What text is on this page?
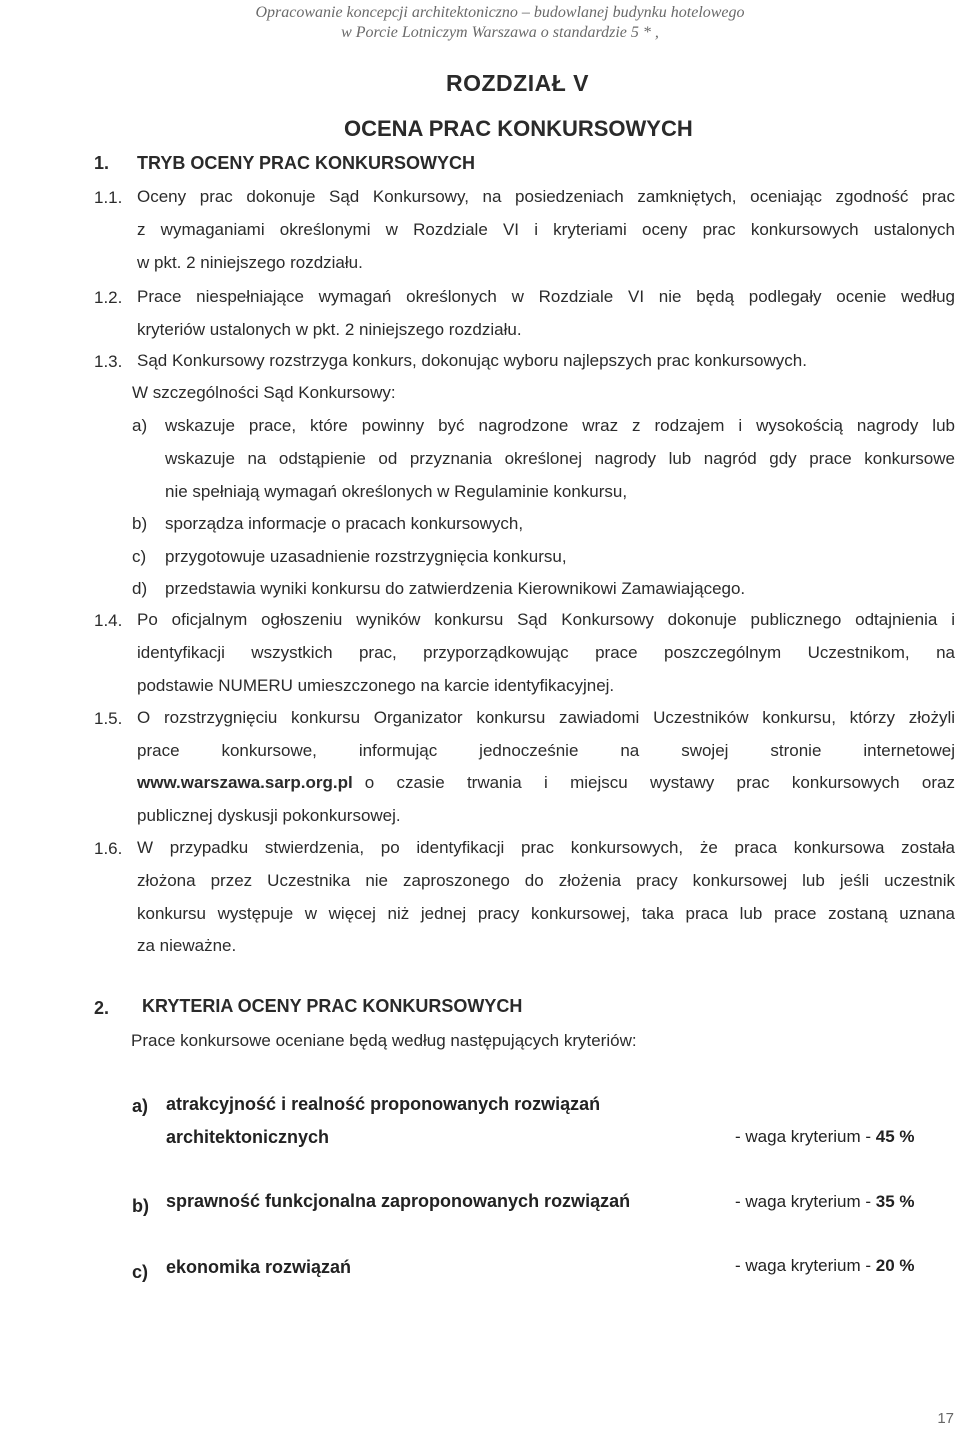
Opracowanie koncepcji architektoniczno – budowlanej budynku hotelowego
w Porcie Lotniczym Warszawa o standardzie 5 * ,
ROZDZIAŁ V
OCENA PRAC KONKURSOWYCH
1. TRYB OCENY PRAC KONKURSOWYCH
1.1. Oceny prac dokonuje Sąd Konkursowy, na posiedzeniach zamkniętych, oceniając zgodność prac
z wymaganiami określonymi w Rozdziale VI i kryteriami oceny prac konkursowych ustalonych
w pkt. 2 niniejszego rozdziału.
1.2. Prace niespełniające wymagań określonych w Rozdziale VI nie będą podlegały ocenie według
kryteriów ustalonych w pkt. 2 niniejszego rozdziału.
1.3. Sąd Konkursowy rozstrzyga konkurs, dokonując wyboru najlepszych prac konkursowych.
W szczególności Sąd Konkursowy:
a) wskazuje prace, które powinny być nagrodzone wraz z rodzajem i wysokością nagrody lub
wskazuje na odstąpienie od przyznania określonej nagrody lub nagród gdy prace konkursowe
nie spełniają wymagań określonych w Regulaminie konkursu,
b) sporządza informacje o pracach konkursowych,
c) przygotowuje uzasadnienie rozstrzygnięcia konkursu,
d) przedstawia wyniki konkursu do zatwierdzenia Kierownikowi Zamawiającego.
1.4. Po oficjalnym ogłoszeniu wyników konkursu Sąd Konkursowy dokonuje publicznego odtajnienia i
identyfikacji wszystkich prac, przyporządkowując prace poszczególnym Uczestnikom, na
podstawie NUMERU umieszczonego na karcie identyfikacyjnej.
1.5. O rozstrzygnięciu konkursu Organizator konkursu zawiadomi Uczestników konkursu, którzy złożyli
prace konkursowe, informując jednocześnie na swojej stronie internetowej
www.warszawa.sarp.org.pl o czasie trwania i miejscu wystawy prac konkursowych oraz
publicznej dyskusji pokonkursowej.
1.6. W przypadku stwierdzenia, po identyfikacji prac konkursowych, że praca konkursowa została
złożona przez Uczestnika nie zaproszonego do złożenia pracy konkursowej lub jeśli uczestnik
konkursu występuje w więcej niż jednej pracy konkursowej, taka praca lub prace zostaną uznana
za nieważne.
2. KRYTERIA OCENY PRAC KONKURSOWYCH
Prace konkursowe oceniane będą według następujących kryteriów:
a) atrakcyjność i realność proponowanych rozwiązań
architektonicznych	- waga kryterium - 45 %
b) sprawność funkcjonalna zaproponowanych rozwiązań	- waga kryterium - 35 %
c) ekonomika rozwiązań	- waga kryterium - 20 %
17
